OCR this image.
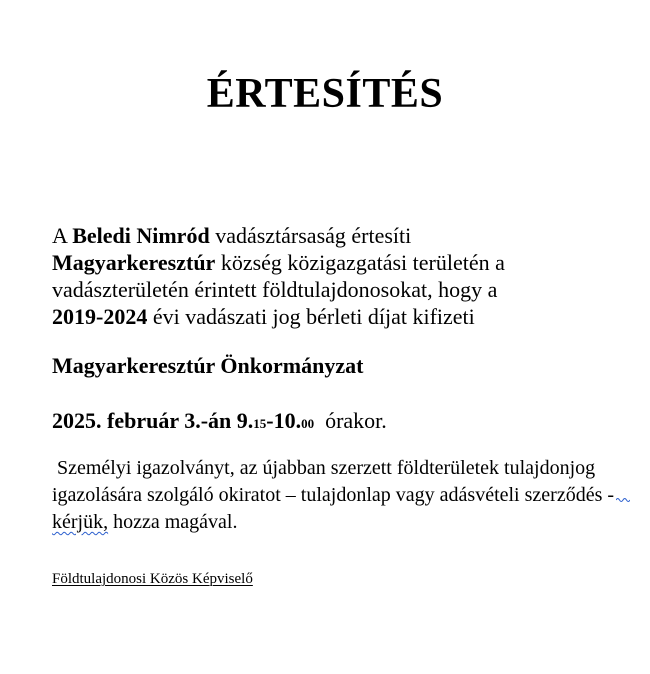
ÉRTESÍTÉS

A Beledi Nimród vadásztársaság értesíti
Magyarkeresztúr község közigazgatási területén a
vadászterületén érintett földtulajdonosokat, hogy a
2019-2024 évi vadászati jog bérleti díjat kifizeti

Magyarkeresztúr Önkormányzat

2025. február 3.-án 9.15-10.00  órakor.

Személyi igazolványt, az újabban szerzett földterületek tulajdonjog
igazolására szolgáló okiratot – tulajdonlap vagy adásvételi szerződés -
kérjük, hozza magával.

Földtulajdonosi Közös Képviselő
